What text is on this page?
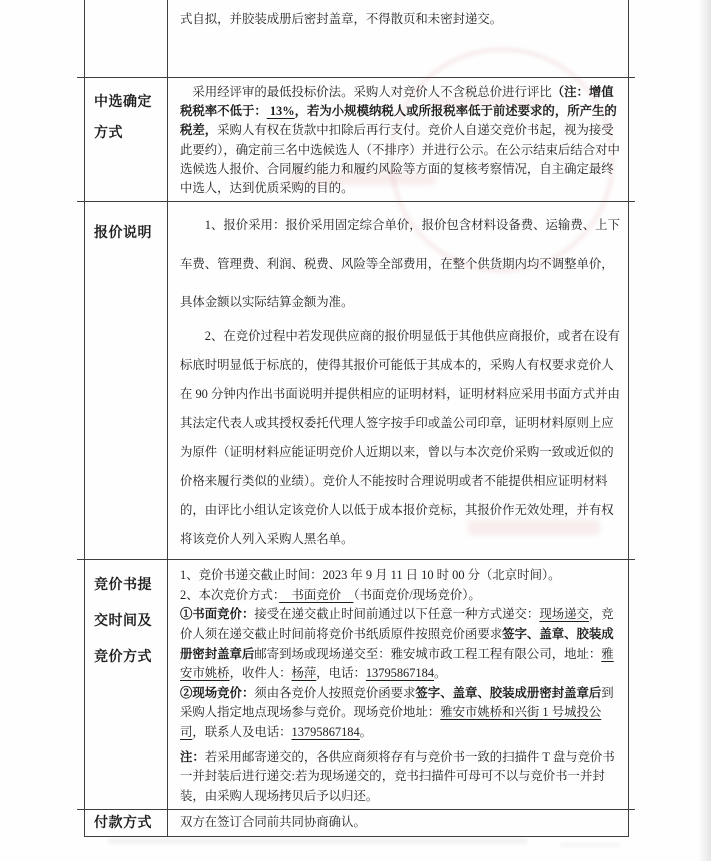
式自拟，并胶装成册后密封盖章，不得散页和未密封递交。

中选确定方式

采用经评审的最低投标价法。采购人对竞价人不含税总价进行评比（注：增值税税率不低于： 13%，若为小规模纳税人或所报税率低于前述要求的，所产生的税差，采购人有权在货款中扣除后再行支付。竞价人自递交竞价书起，视为接受此要约），确定前三名中选候选人（不排序）并进行公示。在公示结束后结合对中选候选人报价、合同履约能力和履约风险等方面的复核考察情况，自主确定最终中选人，达到优质采购的目的。

报价说明

1、报价采用：报价采用固定综合单价，报价包含材料设备费、运输费、上下车费、管理费、利润、税费、风险等全部费用，在整个供货期内均不调整单价，具体金额以实际结算金额为准。

2、在竞价过程中若发现供应商的报价明显低于其他供应商报价，或者在设有标底时明显低于标底的，使得其报价可能低于其成本的，采购人有权要求竞价人在 90 分钟内作出书面说明并提供相应的证明材料，证明材料应采用书面方式并由其法定代表人或其授权委托代理人签字按手印或盖公司印章，证明材料原则上应为原件（证明材料应能证明竞价人近期以来，曾以与本次竞价采购一致或近似的价格来履行类似的业绩）。竞价人不能按时合理说明或者不能提供相应证明材料的，由评比小组认定该竞价人以低于成本报价竞标，其报价作无效处理，并有权将该竞价人列入采购人黑名单。

竞价书提交时间及竞价方式

1、竞价书递交截止时间：2023 年 9 月 11 日 10 时 00 分（北京时间）。

2、本次竞价方式：　书面竞价　（书面竞价/现场竞价）。

①书面竞价：接受在递交截止时间前通过以下任意一种方式递交：现场递交，竞价人须在递交截止时间前将竞价书纸质原件按照竞价函要求签字、盖章、胶装成册密封盖章后邮寄到场或现场递交至：雅安城市政工程工程有限公司，地址：雅安市姚桥，收件人：杨萍，电话：13795867184。

②现场竞价：须由各竞价人按照竞价函要求签字、盖章、胶装成册密封盖章后到采购人指定地点现场参与竞价。现场竞价地址：雅安市姚桥和兴街 1 号城投公司，联系人及电话：13795867184。

注：若采用邮寄递交的，各供应商须将存有与竞价书一致的扫描件 T 盘与竞价书一并封装后进行递交:若为现场递交的，竞书扫描件可母可不以与竞价书一并封装，由采购人现场拷贝后予以归还。

付款方式	双方在签订合同前共同协商确认。
